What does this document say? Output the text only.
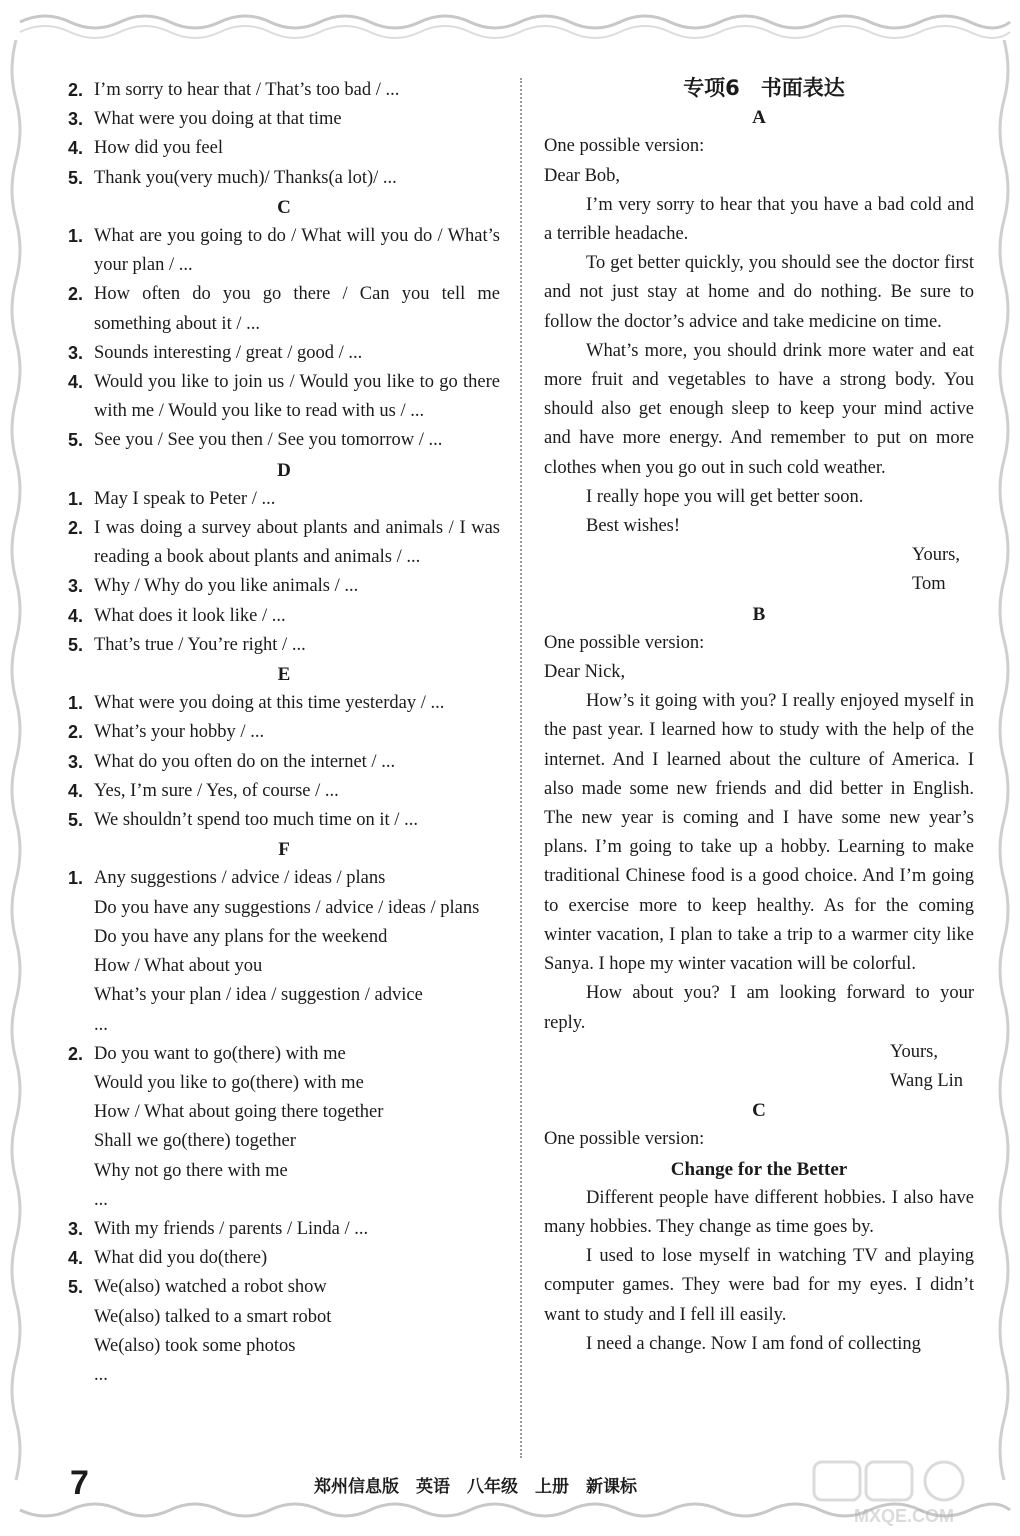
2. I’m sorry to hear that / That’s too bad / ...
3. What were you doing at that time
4. How did you feel
5. Thank you(very much)/ Thanks(a lot)/ ...
C
1. What are you going to do / What will you do / What’s your plan / ...
2. How often do you go there / Can you tell me something about it / ...
3. Sounds interesting / great / good / ...
4. Would you like to join us / Would you like to go there with me / Would you like to read with us / ...
5. See you / See you then / See you tomorrow / ...
D
1. May I speak to Peter / ...
2. I was doing a survey about plants and animals / I was reading a book about plants and animals / ...
3. Why / Why do you like animals / ...
4. What does it look like / ...
5. That’s true / You’re right / ...
E
1. What were you doing at this time yesterday / ...
2. What’s your hobby / ...
3. What do you often do on the internet / ...
4. Yes, I’m sure / Yes, of course / ...
5. We shouldn’t spend too much time on it / ...
F
1. Any suggestions / advice / ideas / plans
Do you have any suggestions / advice / ideas / plans
Do you have any plans for the weekend
How / What about you
What’s your plan / idea / suggestion / advice
...
2. Do you want to go(there) with me
Would you like to go(there) with me
How / What about going there together
Shall we go(there) together
Why not go there with me
...
3. With my friends / parents / Linda / ...
4. What did you do(there)
5. We(also) watched a robot show
We(also) talked to a smart robot
We(also) took some photos
...
专项6　书面表达
A
One possible version:
Dear Bob,
I’m very sorry to hear that you have a bad cold and a terrible headache.
To get better quickly, you should see the doctor first and not just stay at home and do nothing. Be sure to follow the doctor’s advice and take medicine on time.
What’s more, you should drink more water and eat more fruit and vegetables to have a strong body. You should also get enough sleep to keep your mind active and have more energy. And remember to put on more clothes when you go out in such cold weather.
I really hope you will get better soon.
Best wishes!
Yours,
Tom
B
One possible version:
Dear Nick,
How’s it going with you? I really enjoyed myself in the past year. I learned how to study with the help of the internet. And I learned about the culture of America. I also made some new friends and did better in English. The new year is coming and I have some new year’s plans. I’m going to take up a hobby. Learning to make traditional Chinese food is a good choice. And I’m going to exercise more to keep healthy. As for the coming winter vacation, I plan to take a trip to a warmer city like Sanya. I hope my winter vacation will be colorful.
How about you? I am looking forward to your reply.
Yours,
Wang Lin
C
One possible version:
Change for the Better
Different people have different hobbies. I also have many hobbies. They change as time goes by.
I used to lose myself in watching TV and playing computer games. They were bad for my eyes. I didn’t want to study and I fell ill easily.
I need a change. Now I am fond of collecting
7	郑州信息版　英语　八年级　上册　新课标
MXQE.COM
